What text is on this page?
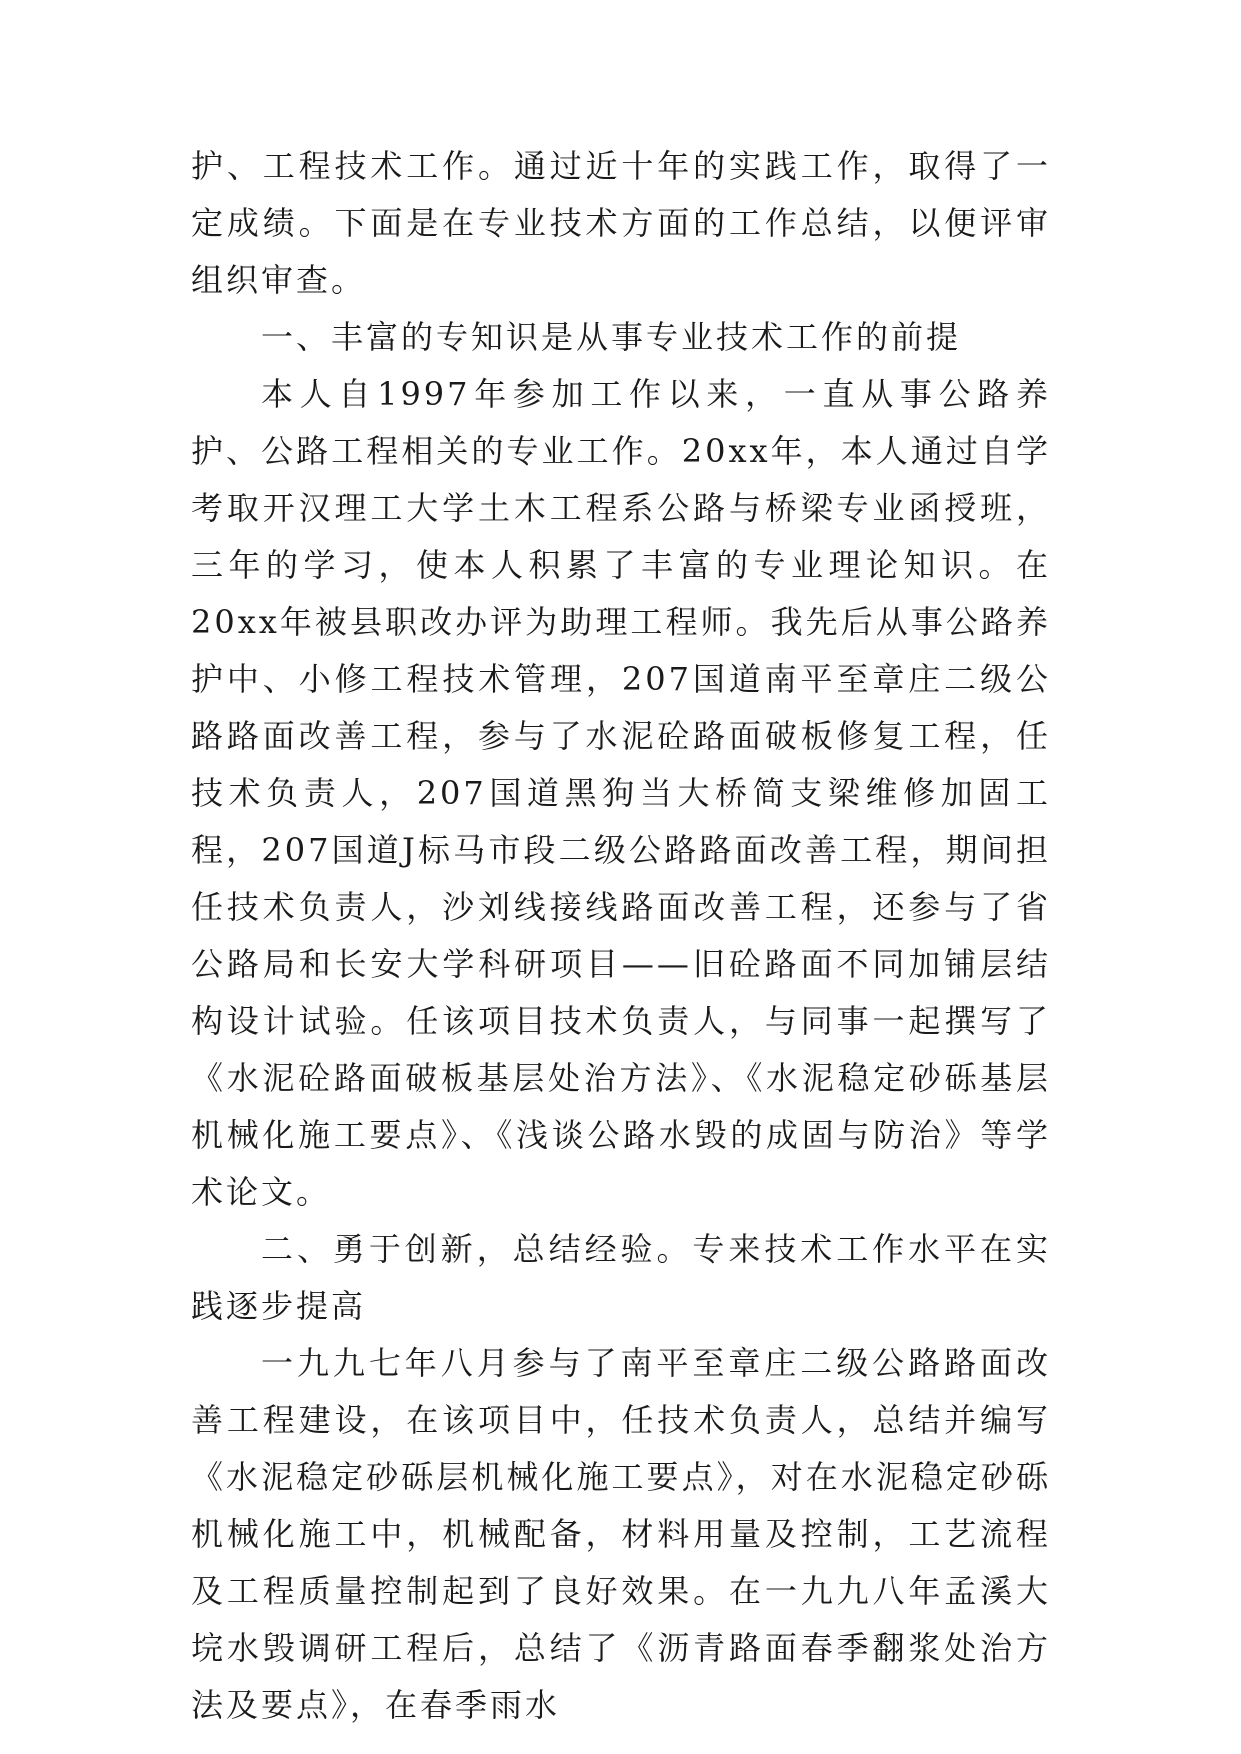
护、工程技术工作。通过近十年的实践工作，取得了一定成绩。下面是在专业技术方面的工作总结，以便评审组织审查。

一、丰富的专知识是从事专业技术工作的前提

本人自1997年参加工作以来，一直从事公路养护、公路工程相关的专业工作。20xx年，本人通过自学考取开汉理工大学土木工程系公路与桥梁专业函授班，三年的学习，使本人积累了丰富的专业理论知识。在20xx年被县职改办评为助理工程师。我先后从事公路养护中、小修工程技术管理，207国道南平至章庄二级公路路面改善工程，参与了水泥砼路面破板修复工程，任技术负责人，207国道黑狗当大桥简支梁维修加固工程，207国道J标马市段二级公路路面改善工程，期间担任技术负责人，沙刘线接线路面改善工程，还参与了省公路局和长安大学科研项目——旧砼路面不同加铺层结构设计试验。任该项目技术负责人，与同事一起撰写了《水泥砼路面破板基层处治方法》、《水泥稳定砂砾基层机械化施工要点》、《浅谈公路水毁的成固与防治》等学术论文。

二、勇于创新，总结经验。专来技术工作水平在实践逐步提高

一九九七年八月参与了南平至章庄二级公路路面改善工程建设，在该项目中，任技术负责人，总结并编写《水泥稳定砂砾层机械化施工要点》，对在水泥稳定砂砾机械化施工中，机械配备，材料用量及控制，工艺流程及工程质量控制起到了良好效果。在一九九八年孟溪大垸水毁调研工程后，总结了《沥青路面春季翻浆处治方法及要点》，在春季雨水
